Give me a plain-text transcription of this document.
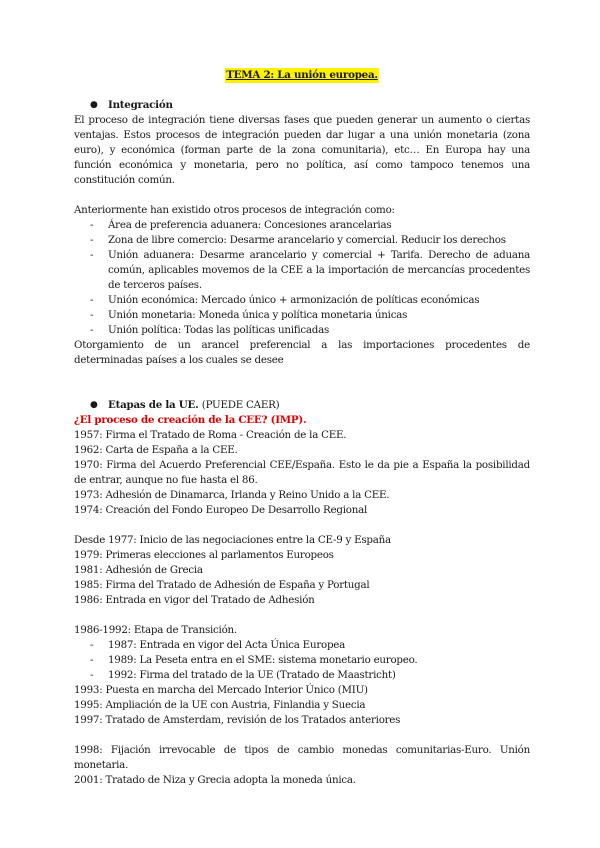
TEMA 2: La unión europea.
● Integración
El proceso de integración tiene diversas fases que pueden generar un aumento o ciertas ventajas. Estos procesos de integración pueden dar lugar a una unión monetaria (zona euro), y económica (forman parte de la zona comunitaria), etc… En Europa hay una función económica y monetaria, pero no política, así como tampoco tenemos una constitución común.
Anteriormente han existido otros procesos de integración como:
- Área de preferencia aduanera: Concesiones arancelarias
- Zona de libre comercio: Desarme arancelario y comercial. Reducir los derechos
- Unión aduanera: Desarme arancelario y comercial + Tarifa. Derecho de aduana común, aplicables movemos de la CEE a la importación de mercancías procedentes de terceros países.
- Unión económica: Mercado único + armonización de políticas económicas
- Unión monetaria: Moneda única y política monetaria únicas
- Unión política: Todas las políticas unificadas
Otorgamiento de un arancel preferencial a las importaciones procedentes de determinadas países a los cuales se desee
● Etapas de la UE. (PUEDE CAER)
¿El proceso de creación de la CEE? (IMP).
1957: Firma el Tratado de Roma - Creación de la CEE.
1962: Carta de España a la CEE.
1970: Firma del Acuerdo Preferencial CEE/España. Esto le da pie a España la posibilidad de entrar, aunque no fue hasta el 86.
1973: Adhesión de Dinamarca, Irlanda y Reino Unido a la CEE.
1974: Creación del Fondo Europeo De Desarrollo Regional
Desde 1977: Inicio de las negociaciones entre la CE-9 y España
1979: Primeras elecciones al parlamentos Europeos
1981: Adhesión de Grecia
1985: Firma del Tratado de Adhesión de España y Portugal
1986: Entrada en vigor del Tratado de Adhesión
1986-1992: Etapa de Transición.
- 1987: Entrada en vigor del Acta Única Europea
- 1989: La Peseta entra en el SME: sistema monetario europeo.
- 1992: Firma del tratado de la UE (Tratado de Maastricht)
1993: Puesta en marcha del Mercado Interior Único (MIU)
1995: Ampliación de la UE con Austria, Finlandia y Suecia
1997: Tratado de Amsterdam, revisión de los Tratados anteriores
1998: Fijación irrevocable de tipos de cambio monedas comunitarias-Euro. Unión monetaria.
2001: Tratado de Niza y Grecia adopta la moneda única.
